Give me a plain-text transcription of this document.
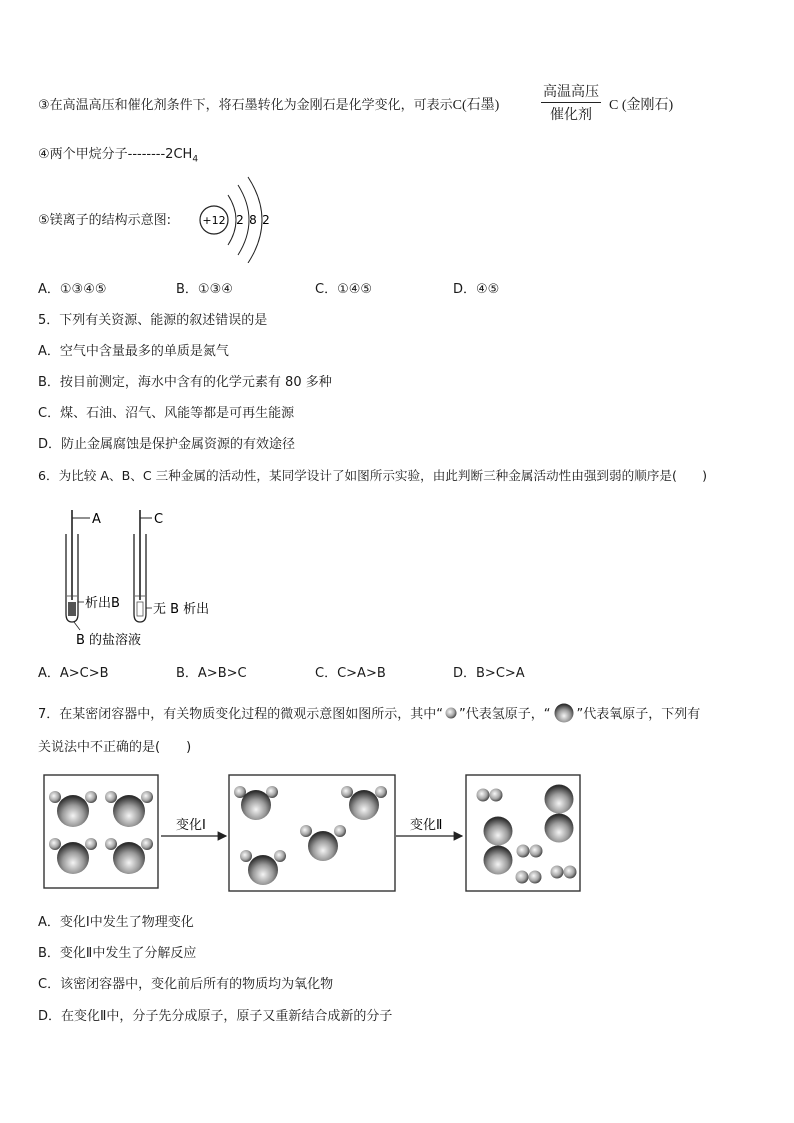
③在高温高压和催化剂条件下，将石墨转化为金刚石是化学变化，可表示C(石墨)
高温高压
催化剂
C (金刚石)
④两个甲烷分子$--------2CH_4$
⑤镁离子的结构示意图:	+12 2 8 2
A．①③④⑤	B．①③④	C．①④⑤	D．④⑤
5．下列有关资源、能源的叙述错误的是
A．空气中含量最多的单质是氮气
B．按目前测定，海水中含有的化学元素有 80 多种
C．煤、石油、沼气、风能等都是可再生能源
D．防止金属腐蚀是保护金属资源的有效途径
6．为比较 A、B、C 三种金属的活动性，某同学设计了如图所示实验，由此判断三种金属活动性由强到弱的顺序是(　　)
A
析出B
C
无 B 析出
B 的盐溶液
A．A>C>B	B．A>B>C	C．C>A>B	D．B>C>A
7．在某密闭容器中，有关物质变化过程的微观示意图如图所示，其中“ ”代表氢原子，“ ”代表氧原子，下列有
关说法中不正确的是(　　)
变化Ⅰ	变化Ⅱ
A．变化Ⅰ中发生了物理变化
B．变化Ⅱ中发生了分解反应
C．该密闭容器中，变化前后所有的物质均为氧化物
D．在变化Ⅱ中，分子先分成原子，原子又重新结合成新的分子
